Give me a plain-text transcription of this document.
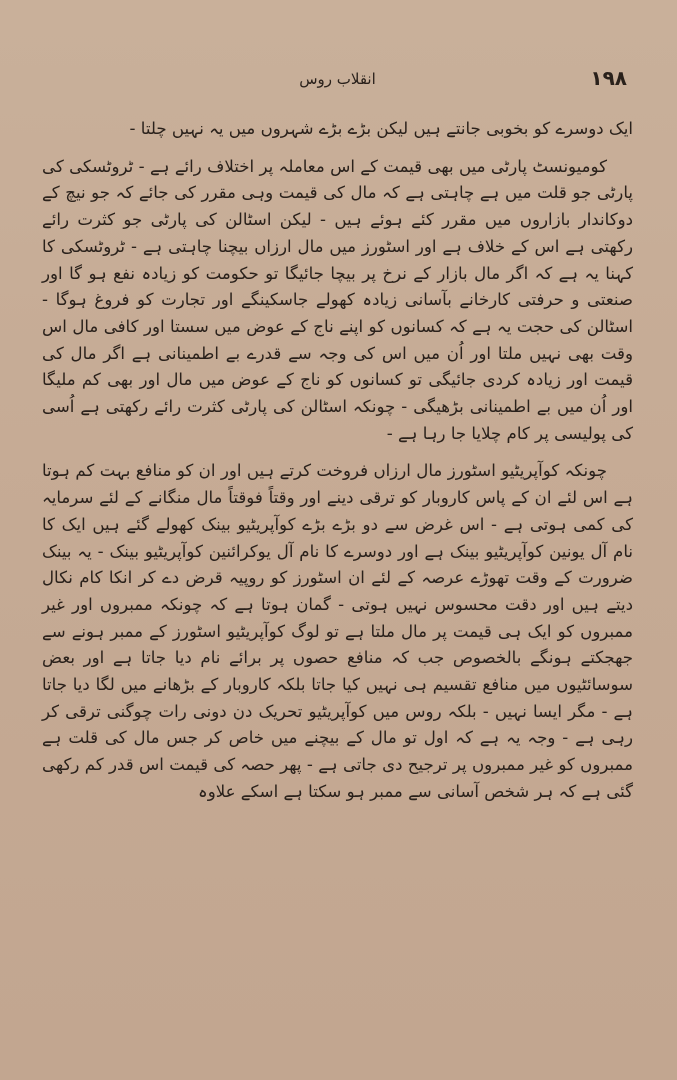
۱۹۸
انقلاب روس

ایک دوسرے کو بخوبی جانتے ہیں لیکن بڑے بڑے شہروں میں یہ نہیں چلتا -

کومیونسٹ پارٹی میں بھی قیمت کے اس معاملہ پر اختلاف رائے ہے - ٹروٹسکی کی پارٹی جو قلت میں ہے چاہتی ہے کہ مال کی قیمت وہی مقرر کی جائے کہ جو نیچ کے دوکاندار بازاروں میں مقرر کئے ہوئے ہیں - لیکن اسٹالن کی پارٹی جو کثرت رائے رکھتی ہے اس کے خلاف ہے اور اسٹورز میں مال ارزاں بیچنا چاہتی ہے - ٹروٹسکی کا کہنا یہ ہے کہ اگر مال بازار کے نرخ پر بیچا جائیگا تو حکومت کو زیادہ نفع ہو گا اور صنعتی و حرفتی کارخانے بآسانی زیادہ کھولے جاسکینگے اور تجارت کو فروغ ہوگا - اسٹالن کی حجت یہ ہے کہ کسانوں کو اپنے ناج کے عوض میں سستا اور کافی مال اس وقت بھی نہیں ملتا اور اُن میں اس کی وجہ سے قدرے بے اطمینانی ہے اگر مال کی قیمت اور زیادہ کردی جائیگی تو کسانوں کو ناج کے عوض میں مال اور بھی کم ملیگا اور اُن میں بے اطمینانی بڑھیگی - چونکہ اسٹالن کی پارٹی کثرت رائے رکھتی ہے اُسی کی پولیسی پر کام چلایا جا رہا ہے -

چونکہ کوآپریٹیو اسٹورز مال ارزاں فروخت کرتے ہیں اور ان کو منافع بہت کم ہوتا ہے اس لئے ان کے پاس کاروبار کو ترقی دینے اور وقتاً فوقتاً مال منگانے کے لئے سرمایہ کی کمی ہوتی ہے - اس غرض سے دو بڑے بڑے کوآپریٹیو بینک کھولے گئے ہیں ایک کا نام آل یونین کوآپریٹیو بینک ہے اور دوسرے کا نام آل یوکرائنین کوآپریٹیو بینک - یہ بینک ضرورت کے وقت تھوڑے عرصہ کے لئے ان اسٹورز کو روپیہ قرض دے کر انکا کام نکال دیتے ہیں اور دقت محسوس نہیں ہوتی - گمان ہوتا ہے کہ چونکہ ممبروں اور غیر ممبروں کو ایک ہی قیمت پر مال ملتا ہے تو لوگ کوآپریٹیو اسٹورز کے ممبر ہونے سے جھجکتے ہونگے بالخصوص جب کہ منافع حصوں پر برائے نام دیا جاتا ہے اور بعض سوسائٹیوں میں منافع تقسیم ہی نہیں کیا جاتا بلکہ کاروبار کے بڑھانے میں لگا دیا جاتا ہے - مگر ایسا نہیں - بلکہ روس میں کوآپریٹیو تحریک دن دونی رات چوگنی ترقی کر رہی ہے - وجہ یہ ہے کہ اول تو مال کے بیچنے میں خاص کر جس مال کی قلت ہے ممبروں کو غیر ممبروں پر ترجیح دی جاتی ہے - پھر حصہ کی قیمت اس قدر کم رکھی گئی ہے کہ ہر شخص آسانی سے ممبر ہو سکتا ہے اسکے علاوہ
